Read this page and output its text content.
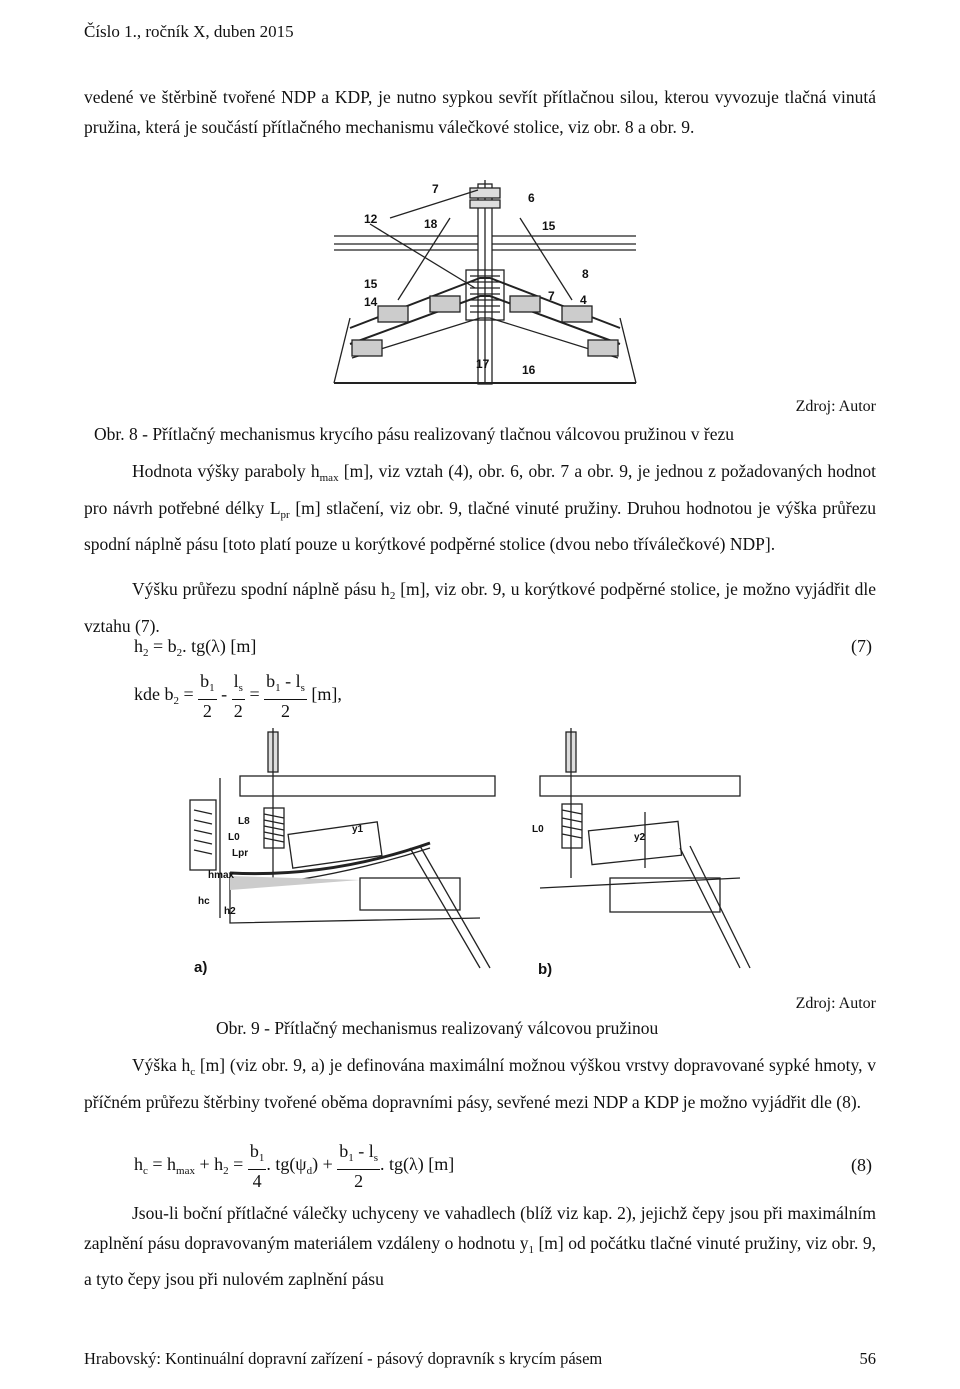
Číslo 1., ročník X, duben 2015
vedené ve štěrbině tvořené NDP a KDP, je nutno sypkou sevřít přítlačnou silou, kterou vyvozuje tlačná vinutá pružina, která je součástí přítlačného mechanismu válečkové stolice, viz obr. 8 a obr. 9.
7
6
12	18	15
8
15
14	7 4
17	16
Zdroj: Autor
Obr. 8 - Přítlačný mechanismus krycího pásu realizovaný tlačnou válcovou pružinou v řezu
Hodnota výšky paraboly $h_{max}$ [m], viz vztah (4), obr. 6, obr. 7 a obr. 9, je jednou z požadovaných hodnot pro návrh potřebné délky $L_{pr}$ [m] stlačení, viz obr. 9, tlačné vinuté pružiny. Druhou hodnotou je výška průřezu spodní náplně pásu [toto platí pouze u korýtkové podpěrné stolice (dvou nebo tříválečkové) NDP].
Výšku průřezu spodní náplně pásu $h_2$ [m], viz obr. 9, u korýtkové podpěrné stolice, je možno vyjádřit dle vztahu (7).
$h_2 = b_2$. tg(λ) [m]	(7)
kde $b_2 = \frac{b_1}{2} - \frac{l_s}{2} = \frac{b_1 - l_s}{2} [m]$,
L8
L0
Lpr
hmax
hc
h2
y1	L0
y2
a)	b)
Zdroj: Autor
Obr. 9 - Přítlačný mechanismus realizovaný válcovou pružinou
Výška $h_c$ [m] (viz obr. 9, a) je definována maximální možnou výškou vrstvy dopravované sypké hmoty, v příčném průřezu štěrbiny tvořené oběma dopravními pásy, sevřené mezi NDP a KDP je možno vyjádřit dle (8).
$h_c = h_{max} + h_2 = \frac{b_1}{4}$ . $tg(\psi_d) + \frac{b_1 - l_s}{2}$ . tg(λ) [m]	(8)
Jsou-li boční přítlačné válečky uchyceny ve vahadlech (blíž viz kap. 2), jejichž čepy jsou při maximálním zaplnění pásu dopravovaným materiálem vzdáleny o hodnotu $y_1$ [m] od počátku tlačné vinuté pružiny, viz obr. 9, a tyto čepy jsou při nulovém zaplnění pásu
Hrabovský: Kontinuální dopravní zařízení - pásový dopravník s krycím pásem	56
